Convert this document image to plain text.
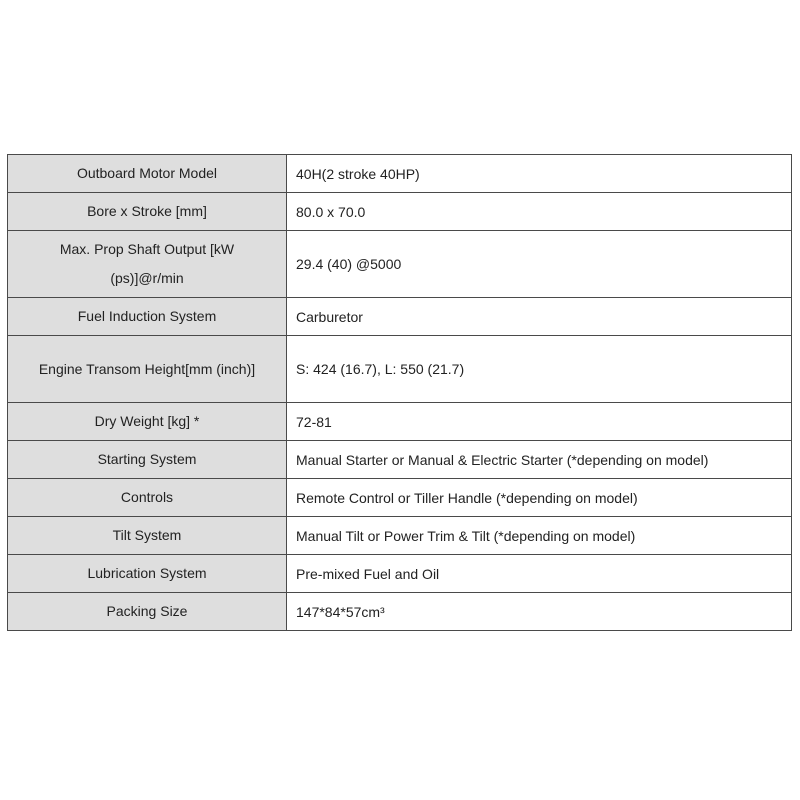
Outboard Motor Model	40H(2 stroke 40HP)
Bore x Stroke [mm]	80.0 x 70.0
Max. Prop Shaft Output [kW (ps)]@r/min	29.4 (40) @5000
Fuel Induction System	Carburetor
Engine Transom Height[mm (inch)]	S: 424 (16.7), L: 550 (21.7)
Dry Weight [kg] *	72-81
Starting System	Manual Starter or Manual & Electric Starter (*depending on model)
Controls	Remote Control or Tiller Handle (*depending on model)
Tilt System	Manual Tilt or Power Trim & Tilt (*depending on model)
Lubrication System	Pre-mixed Fuel and Oil
Packing Size	147*84*57cm³
